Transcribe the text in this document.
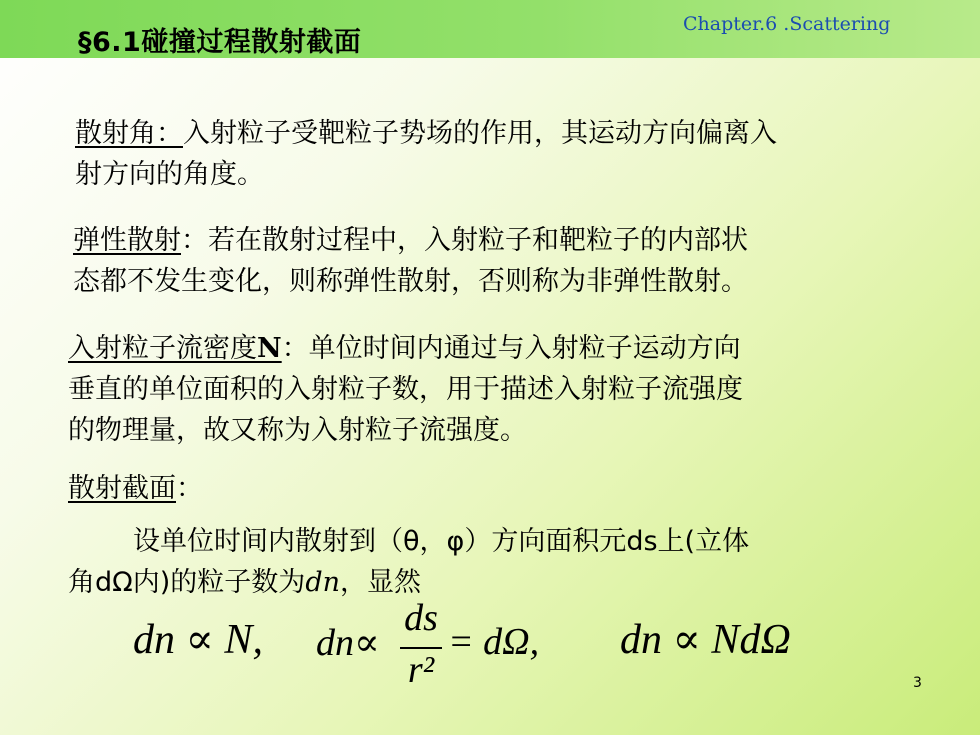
§6.1碰撞过程散射截面
Chapter.6 .Scattering
散射角：入射粒子受靶粒子势场的作用，其运动方向偏离入
射方向的角度。
弹性散射：若在散射过程中，入射粒子和靶粒子的内部状
态都不发生变化，则称弹性散射，否则称为非弹性散射。
入射粒子流密度N：单位时间内通过与入射粒子运动方向
垂直的单位面积的入射粒子数，用于描述入射粒子流强度
的物理量，故又称为入射粒子流强度。
散射截面：
设单位时间内散射到（θ，φ）方向面积元ds上(立体
角dΩ内)的粒子数为dn，显然
dn ∝ N, dn∝
ds
r²
= dΩ, dn ∝ NdΩ
3
